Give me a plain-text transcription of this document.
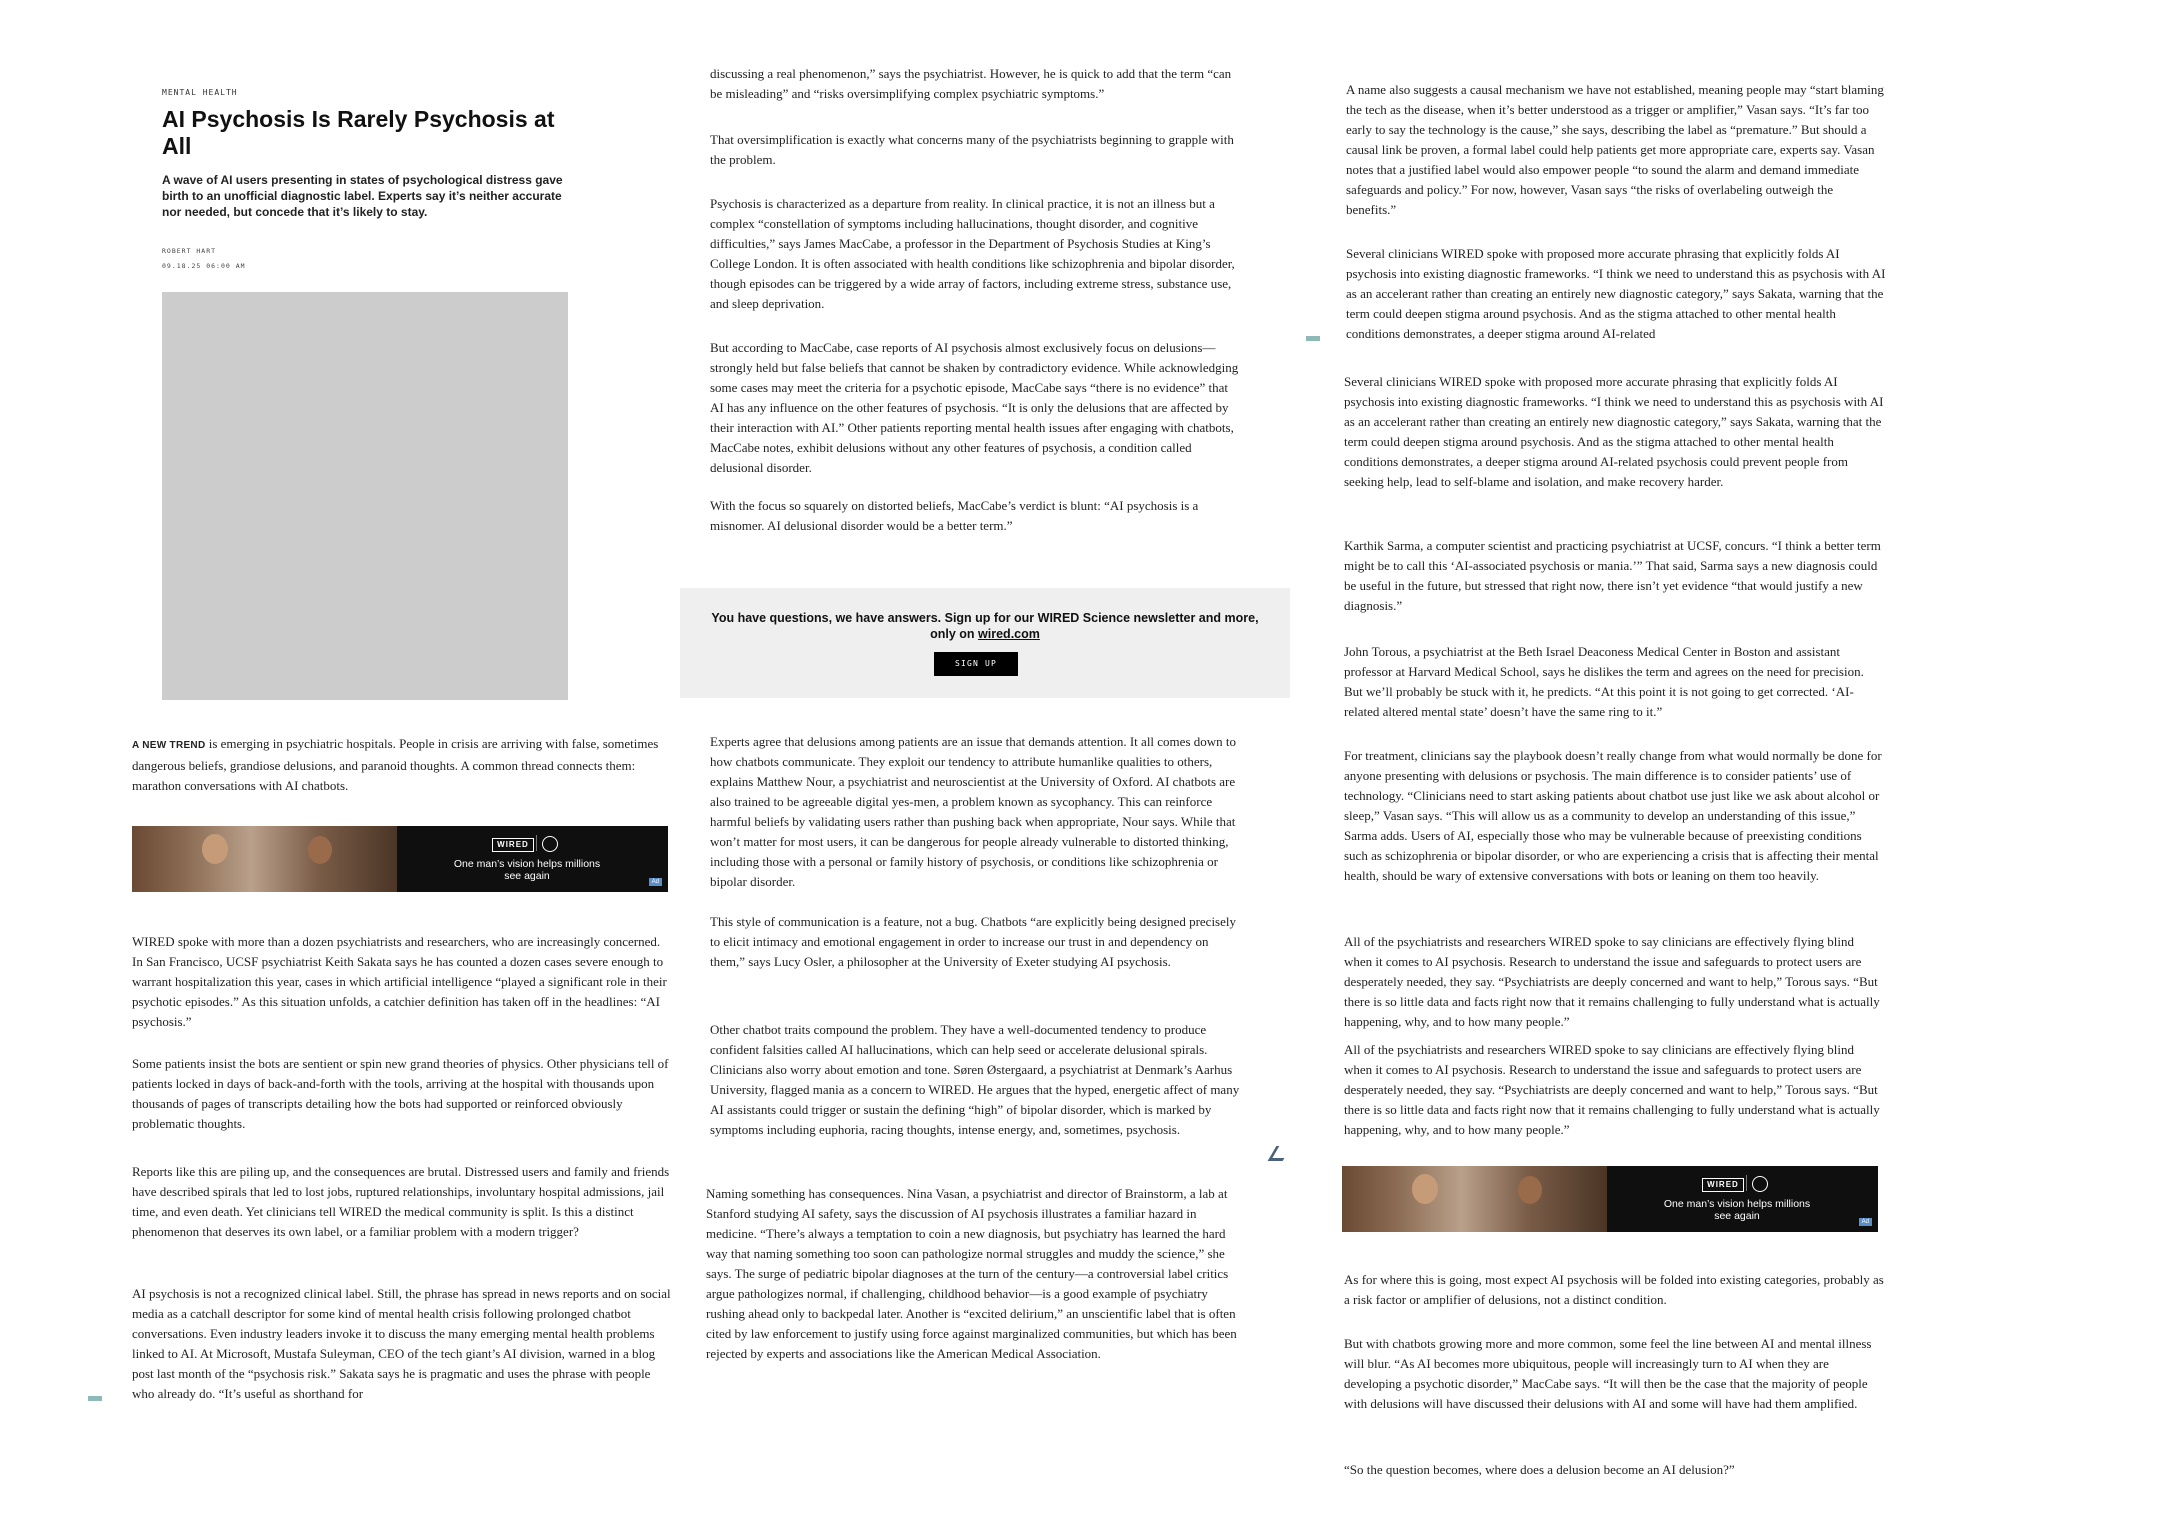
MENTAL HEALTH
AI Psychosis Is Rarely Psychosis at All

A wave of AI users presenting in states of psychological distress gave birth to an unofficial diagnostic label. Experts say it’s neither accurate nor needed, but concede that it’s likely to stay.

ROBERT HART
09.18.25 06:00 AM

A NEW TREND is emerging in psychiatric hospitals. People in crisis are arriving with false, sometimes dangerous beliefs, grandiose delusions, and paranoid thoughts. A common thread connects them: marathon conversations with AI chatbots.

WIRED
One man’s vision helps millions see again	Ad

WIRED spoke with more than a dozen psychiatrists and researchers, who are increasingly concerned. In San Francisco, UCSF psychiatrist Keith Sakata says he has counted a dozen cases severe enough to warrant hospitalization this year, cases in which artificial intelligence “played a significant role in their psychotic episodes.” As this situation unfolds, a catchier definition has taken off in the headlines: “AI psychosis.”

Some patients insist the bots are sentient or spin new grand theories of physics. Other physicians tell of patients locked in days of back-and-forth with the tools, arriving at the hospital with thousands upon thousands of pages of transcripts detailing how the bots had supported or reinforced obviously problematic thoughts.

Reports like this are piling up, and the consequences are brutal. Distressed users and family and friends have described spirals that led to lost jobs, ruptured relationships, involuntary hospital admissions, jail time, and even death. Yet clinicians tell WIRED the medical community is split. Is this a distinct phenomenon that deserves its own label, or a familiar problem with a modern trigger?

AI psychosis is not a recognized clinical label. Still, the phrase has spread in news reports and on social media as a catchall descriptor for some kind of mental health crisis following prolonged chatbot conversations. Even industry leaders invoke it to discuss the many emerging mental health problems linked to AI. At Microsoft, Mustafa Suleyman, CEO of the tech giant’s AI division, warned in a blog post last month of the “psychosis risk.” Sakata says he is pragmatic and uses the phrase with people who already do. “It’s useful as shorthand for

discussing a real phenomenon,” says the psychiatrist. However, he is quick to add that the term “can be misleading” and “risks oversimplifying complex psychiatric symptoms.”

That oversimplification is exactly what concerns many of the psychiatrists beginning to grapple with the problem.

Psychosis is characterized as a departure from reality. In clinical practice, it is not an illness but a complex “constellation of symptoms including hallucinations, thought disorder, and cognitive difficulties,” says James MacCabe, a professor in the Department of Psychosis Studies at King’s College London. It is often associated with health conditions like schizophrenia and bipolar disorder, though episodes can be triggered by a wide array of factors, including extreme stress, substance use, and sleep deprivation.

But according to MacCabe, case reports of AI psychosis almost exclusively focus on delusions—strongly held but false beliefs that cannot be shaken by contradictory evidence. While acknowledging some cases may meet the criteria for a psychotic episode, MacCabe says “there is no evidence” that AI has any influence on the other features of psychosis. “It is only the delusions that are affected by their interaction with AI.” Other patients reporting mental health issues after engaging with chatbots, MacCabe notes, exhibit delusions without any other features of psychosis, a condition called delusional disorder.

With the focus so squarely on distorted beliefs, MacCabe’s verdict is blunt: “AI psychosis is a misnomer. AI delusional disorder would be a better term.”

You have questions, we have answers. Sign up for our WIRED Science newsletter and more, only on wired.com
SIGN UP

Experts agree that delusions among patients are an issue that demands attention. It all comes down to how chatbots communicate. They exploit our tendency to attribute humanlike qualities to others, explains Matthew Nour, a psychiatrist and neuroscientist at the University of Oxford. AI chatbots are also trained to be agreeable digital yes-men, a problem known as sycophancy. This can reinforce harmful beliefs by validating users rather than pushing back when appropriate, Nour says. While that won’t matter for most users, it can be dangerous for people already vulnerable to distorted thinking, including those with a personal or family history of psychosis, or conditions like schizophrenia or bipolar disorder.

This style of communication is a feature, not a bug. Chatbots “are explicitly being designed precisely to elicit intimacy and emotional engagement in order to increase our trust in and dependency on them,” says Lucy Osler, a philosopher at the University of Exeter studying AI psychosis.

Other chatbot traits compound the problem. They have a well-documented tendency to produce confident falsities called AI hallucinations, which can help seed or accelerate delusional spirals. Clinicians also worry about emotion and tone. Søren Østergaard, a psychiatrist at Denmark’s Aarhus University, flagged mania as a concern to WIRED. He argues that the hyped, energetic affect of many AI assistants could trigger or sustain the defining “high” of bipolar disorder, which is marked by symptoms including euphoria, racing thoughts, intense energy, and, sometimes, psychosis.

Naming something has consequences. Nina Vasan, a psychiatrist and director of Brainstorm, a lab at Stanford studying AI safety, says the discussion of AI psychosis illustrates a familiar hazard in medicine. “There’s always a temptation to coin a new diagnosis, but psychiatry has learned the hard way that naming something too soon can pathologize normal struggles and muddy the science,” she says. The surge of pediatric bipolar diagnoses at the turn of the century—a controversial label critics argue pathologizes normal, if challenging, childhood behavior—is a good example of psychiatry rushing ahead only to backpedal later. Another is “excited delirium,” an unscientific label that is often cited by law enforcement to justify using force against marginalized communities, but which has been rejected by experts and associations like the American Medical Association.

A name also suggests a causal mechanism we have not established, meaning people may “start blaming the tech as the disease, when it’s better understood as a trigger or amplifier,” Vasan says. “It’s far too early to say the technology is the cause,” she says, describing the label as “premature.” But should a causal link be proven, a formal label could help patients get more appropriate care, experts say. Vasan notes that a justified label would also empower people “to sound the alarm and demand immediate safeguards and policy.” For now, however, Vasan says “the risks of overlabeling outweigh the benefits.”

Several clinicians WIRED spoke with proposed more accurate phrasing that explicitly folds AI psychosis into existing diagnostic frameworks. “I think we need to understand this as psychosis with AI as an accelerant rather than creating an entirely new diagnostic category,” says Sakata, warning that the term could deepen stigma around psychosis. And as the stigma attached to other mental health conditions demonstrates, a deeper stigma around AI-related

Several clinicians WIRED spoke with proposed more accurate phrasing that explicitly folds AI psychosis into existing diagnostic frameworks. “I think we need to understand this as psychosis with AI as an accelerant rather than creating an entirely new diagnostic category,” says Sakata, warning that the term could deepen stigma around psychosis. And as the stigma attached to other mental health conditions demonstrates, a deeper stigma around AI-related psychosis could prevent people from seeking help, lead to self-blame and isolation, and make recovery harder.

Karthik Sarma, a computer scientist and practicing psychiatrist at UCSF, concurs. “I think a better term might be to call this ‘AI-associated psychosis or mania.’” That said, Sarma says a new diagnosis could be useful in the future, but stressed that right now, there isn’t yet evidence “that would justify a new diagnosis.”

John Torous, a psychiatrist at the Beth Israel Deaconess Medical Center in Boston and assistant professor at Harvard Medical School, says he dislikes the term and agrees on the need for precision. But we’ll probably be stuck with it, he predicts. “At this point it is not going to get corrected. ‘AI-related altered mental state’ doesn’t have the same ring to it.”

For treatment, clinicians say the playbook doesn’t really change from what would normally be done for anyone presenting with delusions or psychosis. The main difference is to consider patients’ use of technology. “Clinicians need to start asking patients about chatbot use just like we ask about alcohol or sleep,” Vasan says. “This will allow us as a community to develop an understanding of this issue,” Sarma adds. Users of AI, especially those who may be vulnerable because of preexisting conditions such as schizophrenia or bipolar disorder, or who are experiencing a crisis that is affecting their mental health, should be wary of extensive conversations with bots or leaning on them too heavily.

All of the psychiatrists and researchers WIRED spoke to say clinicians are effectively flying blind when it comes to AI psychosis. Research to understand the issue and safeguards to protect users are desperately needed, they say. “Psychiatrists are deeply concerned and want to help,” Torous says. “But there is so little data and facts right now that it remains challenging to fully understand what is actually happening, why, and to how many people.”

All of the psychiatrists and researchers WIRED spoke to say clinicians are effectively flying blind when it comes to AI psychosis. Research to understand the issue and safeguards to protect users are desperately needed, they say. “Psychiatrists are deeply concerned and want to help,” Torous says. “But there is so little data and facts right now that it remains challenging to fully understand what is actually happening, why, and to how many people.”

WIRED
One man’s vision helps millions see again	Ad

As for where this is going, most expect AI psychosis will be folded into existing categories, probably as a risk factor or amplifier of delusions, not a distinct condition.

But with chatbots growing more and more common, some feel the line between AI and mental illness will blur. “As AI becomes more ubiquitous, people will increasingly turn to AI when they are developing a psychotic disorder,” MacCabe says. “It will then be the case that the majority of people with delusions will have discussed their delusions with AI and some will have had them amplified.

“So the question becomes, where does a delusion become an AI delusion?”
